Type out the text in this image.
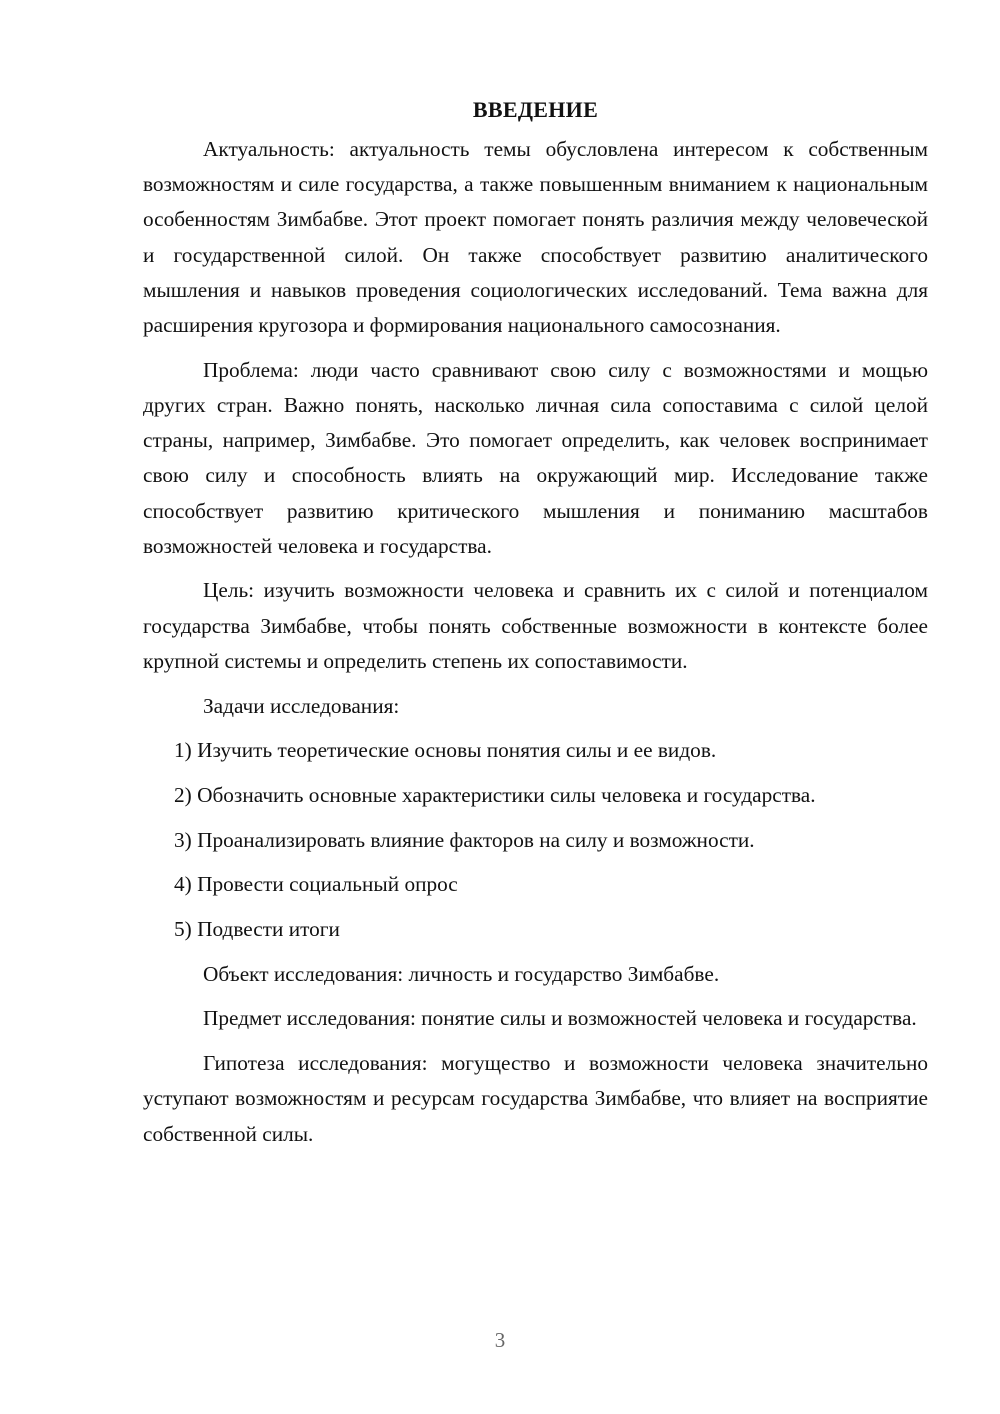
ВВЕДЕНИЕ

Актуальность: актуальность темы обусловлена интересом к собственным возможностям и силе государства, а также повышенным вниманием к национальным особенностям Зимбабве. Этот проект помогает понять различия между человеческой и государственной силой. Он также способствует развитию аналитического мышления и навыков проведения социологических исследований. Тема важна для расширения кругозора и формирования национального самосознания.

Проблема: люди часто сравнивают свою силу с возможностями и мощью других стран. Важно понять, насколько личная сила сопоставима с силой целой страны, например, Зимбабве. Это помогает определить, как человек воспринимает свою силу и способность влиять на окружающий мир. Исследование также способствует развитию критического мышления и пониманию масштабов возможностей человека и государства.

Цель: изучить возможности человека и сравнить их с силой и потенциалом государства Зимбабве, чтобы понять собственные возможности в контексте более крупной системы и определить степень их сопоставимости.

Задачи исследования:

1) Изучить теоретические основы понятия силы и ее видов.

2) Обозначить основные характеристики силы человека и государства.

3) Проанализировать влияние факторов на силу и возможности.

4) Провести социальный опрос

5) Подвести итоги

Объект исследования: личность и государство Зимбабве.

Предмет исследования: понятие силы и возможностей человека и государства.

Гипотеза исследования: могущество и возможности человека значительно уступают возможностям и ресурсам государства Зимбабве, что влияет на восприятие собственной силы.

3
